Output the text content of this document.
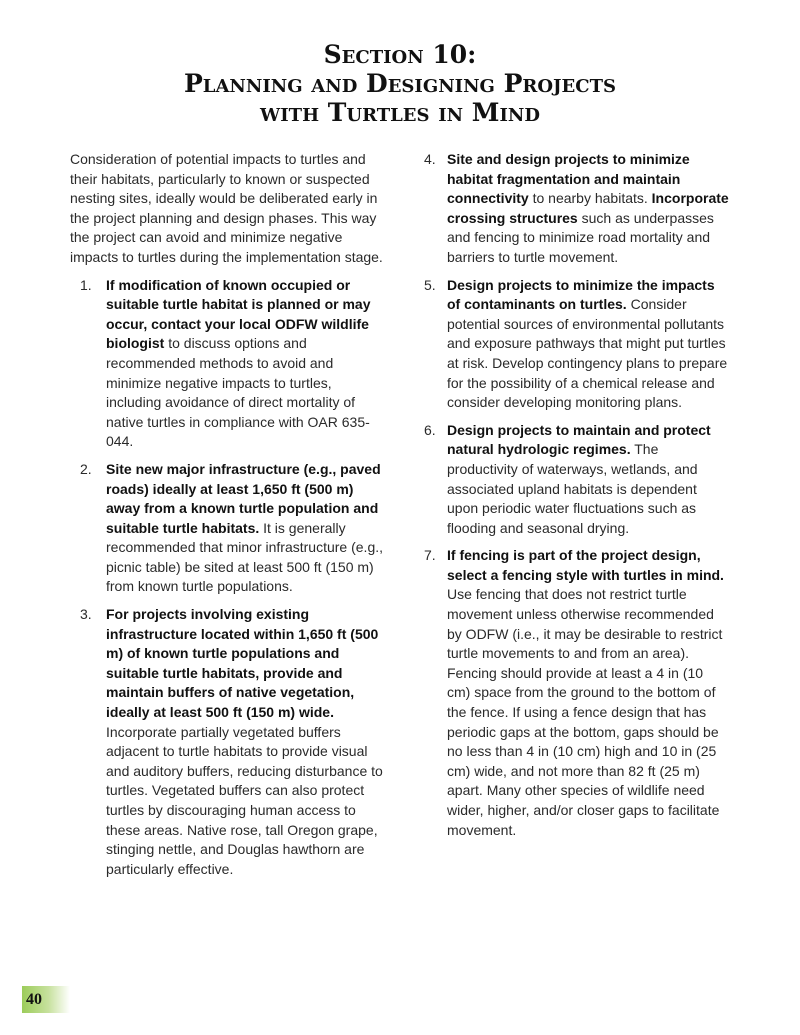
Section 10:
Planning and Designing Projects
with Turtles in Mind

Consideration of potential impacts to turtles and their habitats, particularly to known or suspected nesting sites, ideally would be deliberated early in the project planning and design phases. This way the project can avoid and minimize negative impacts to turtles during the implementation stage.

1. If modification of known occupied or suitable turtle habitat is planned or may occur, contact your local ODFW wildlife biologist to discuss options and recommended methods to avoid and minimize negative impacts to turtles, including avoidance of direct mortality of native turtles in compliance with OAR 635-044.
2. Site new major infrastructure (e.g., paved roads) ideally at least 1,650 ft (500 m) away from a known turtle population and suitable turtle habitats. It is generally recommended that minor infrastructure (e.g., picnic table) be sited at least 500 ft (150 m) from known turtle populations.
3. For projects involving existing infrastructure located within 1,650 ft (500 m) of known turtle populations and suitable turtle habitats, provide and maintain buffers of native vegetation, ideally at least 500 ft (150 m) wide. Incorporate partially vegetated buffers adjacent to turtle habitats to provide visual and auditory buffers, reducing disturbance to turtles. Vegetated buffers can also protect turtles by discouraging human access to these areas. Native rose, tall Oregon grape, stinging nettle, and Douglas hawthorn are particularly effective.
4. Site and design projects to minimize habitat fragmentation and maintain connectivity to nearby habitats. Incorporate crossing structures such as underpasses and fencing to minimize road mortality and barriers to turtle movement.
5. Design projects to minimize the impacts of contaminants on turtles. Consider potential sources of environmental pollutants and exposure pathways that might put turtles at risk. Develop contingency plans to prepare for the possibility of a chemical release and consider developing monitoring plans.
6. Design projects to maintain and protect natural hydrologic regimes. The productivity of waterways, wetlands, and associated upland habitats is dependent upon periodic water fluctuations such as flooding and seasonal drying.
7. If fencing is part of the project design, select a fencing style with turtles in mind. Use fencing that does not restrict turtle movement unless otherwise recommended by ODFW (i.e., it may be desirable to restrict turtle movements to and from an area). Fencing should provide at least a 4 in (10 cm) space from the ground to the bottom of the fence. If using a fence design that has periodic gaps at the bottom, gaps should be no less than 4 in (10 cm) high and 10 in (25 cm) wide, and not more than 82 ft (25 m) apart. Many other species of wildlife need wider, higher, and/or closer gaps to facilitate movement.
40
